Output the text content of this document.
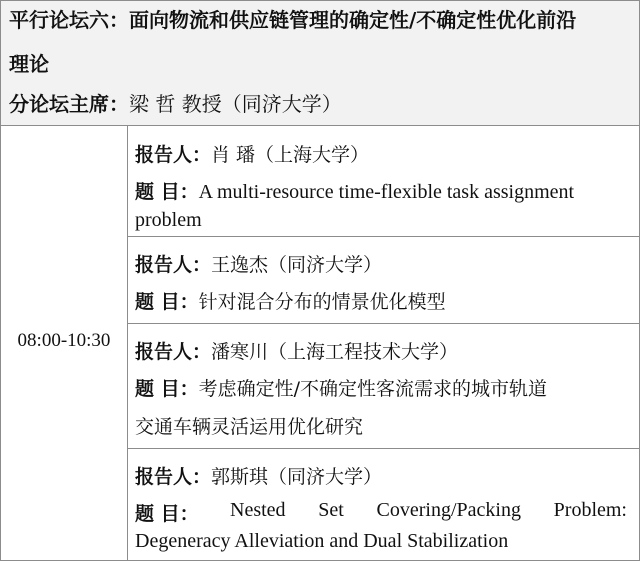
平行论坛六：面向物流和供应链管理的确定性/不确定性优化前沿
理论
分论坛主席：梁 哲 教授（同济大学）
08:00-10:30
报告人：肖 璠（上海大学）
题 目：A multi-resource time-flexible task assignment
problem
报告人：王逸杰（同济大学）
题 目：针对混合分布的情景优化模型
报告人：潘寒川（上海工程技术大学）
题 目：考虑确定性/不确定性客流需求的城市轨道
交通车辆灵活运用优化研究
报告人：郭斯琪（同济大学）
题 目： Nested Set Covering/Packing Problem:
Degeneracy Alleviation and Dual Stabilization
